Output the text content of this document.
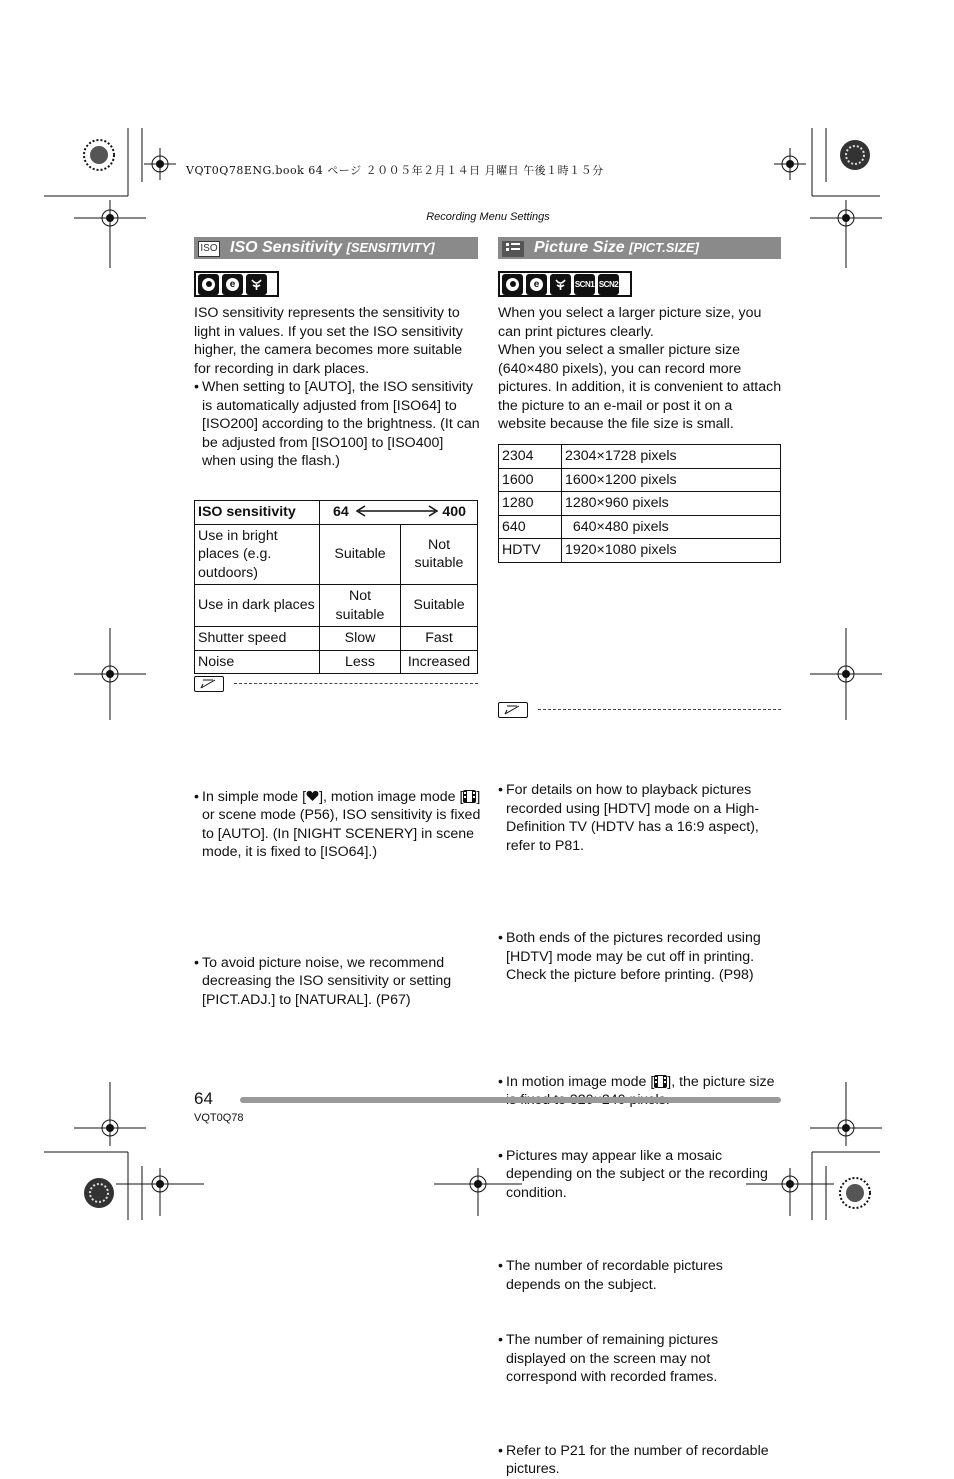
VQT0Q78ENG.book 64 ページ ２００５年２月１４日 月曜日 午後１時１５分
Recording Menu Settings
ISO ISO Sensitivity [SENSITIVITY]
e
ISO sensitivity represents the sensitivity to light in values. If you set the ISO sensitivity higher, the camera becomes more suitable for recording in dark places.
• When setting to [AUTO], the ISO sensitivity is automatically adjusted from [ISO64] to [ISO200] according to the brightness. (It can be adjusted from [ISO100] to [ISO400] when using the flash.)
ISO sensitivity	64 400	

Use in bright places (e.g. outdoors)	Suitable	Not suitable
Use in dark places	Not suitable	Suitable
Shutter speed	Slow	Fast
Noise	Less	Increased
• In simple mode [ ], motion image mode [ ] or scene mode (P56), ISO sensitivity is fixed to [AUTO]. (In [NIGHT SCENERY] in scene mode, it is fixed to [ISO64].)
• To avoid picture noise, we recommend decreasing the ISO sensitivity or setting [PICT.ADJ.] to [NATURAL]. (P67)
Picture Size [PICT.SIZE]
e	SCN1 SCN2
When you select a larger picture size, you can print pictures clearly.
When you select a smaller picture size (640×480 pixels), you can record more pictures. In addition, it is convenient to attach the picture to an e-mail or post it on a website because the file size is small.
2304	2304×1728 pixels
1600	1600×1200 pixels
1280	1280×960 pixels
640	640×480 pixels
HDTV	1920×1080 pixels
• For details on how to playback pictures recorded using [HDTV] mode on a High-Definition TV (HDTV has a 16:9 aspect), refer to P81.
• Both ends of the pictures recorded using [HDTV] mode may be cut off in printing. Check the picture before printing. (P98)
• In motion image mode [ ], the picture size
• Pictures may appear like a mosaic depending on the subject or the recording condition.
• The number of recordable pictures depends on the subject.
• The number of remaining pictures displayed on the screen may not correspond with recorded frames.
• Refer to P21 for the number of recordable pictures.
64
VQT0Q78
